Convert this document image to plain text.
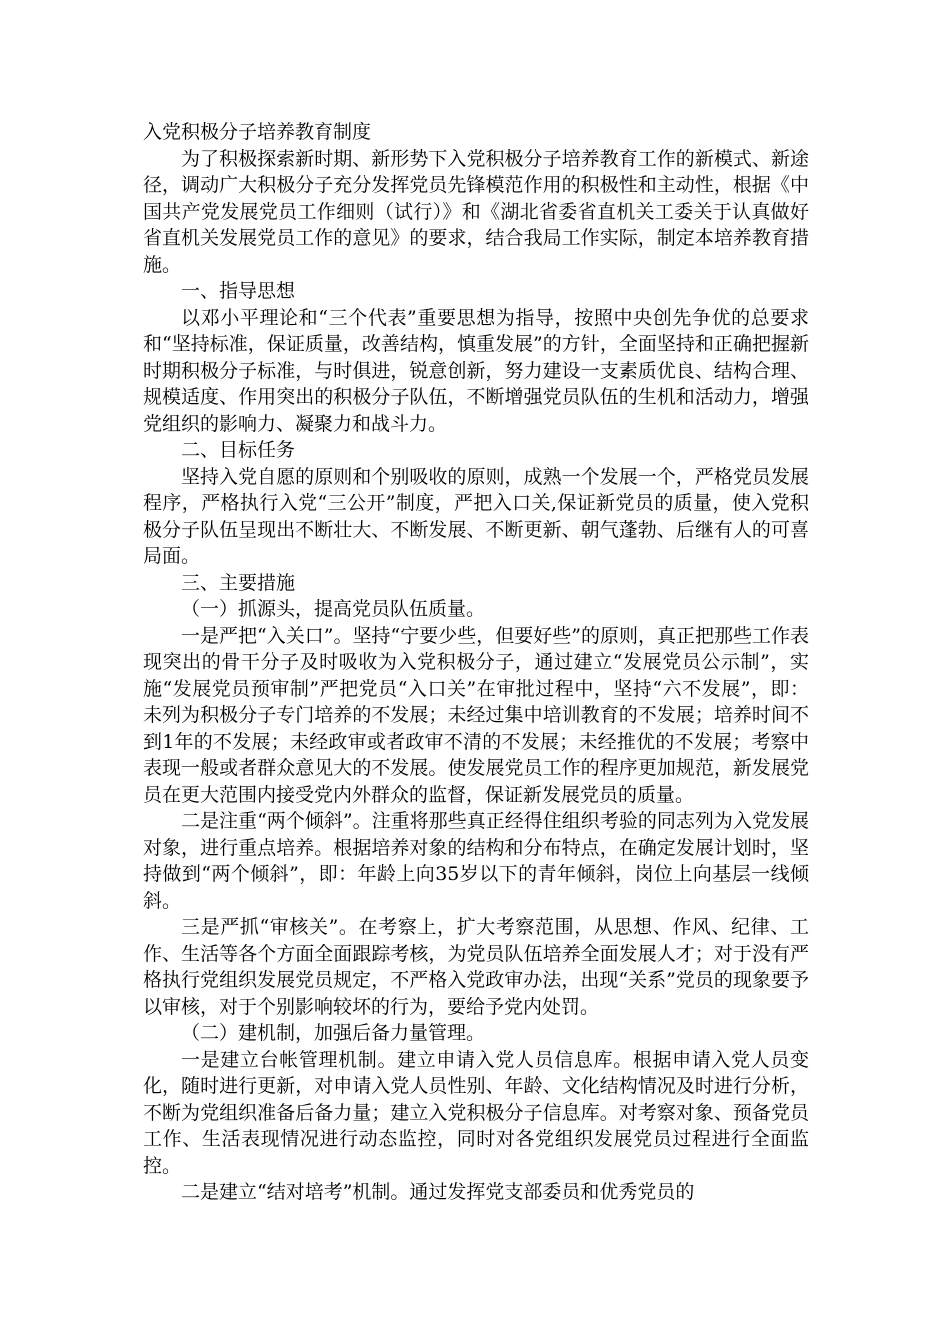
入党积极分子培养教育制度

为了积极探索新时期、新形势下入党积极分子培养教育工作的新模式、新途径，调动广大积极分子充分发挥党员先锋模范作用的积极性和主动性，根据《中国共产党发展党员工作细则（试行）》和《湖北省委省直机关工委关于认真做好省直机关发展党员工作的意见》的要求，结合我局工作实际，制定本培养教育措施。

一、指导思想

以邓小平理论和“三个代表”重要思想为指导，按照中央创先争优的总要求和“坚持标准，保证质量，改善结构，慎重发展”的方针，全面坚持和正确把握新时期积极分子标准，与时俱进，锐意创新，努力建设一支素质优良、结构合理、规模适度、作用突出的积极分子队伍，不断增强党员队伍的生机和活动力，增强党组织的影响力、凝聚力和战斗力。

二、目标任务

坚持入党自愿的原则和个别吸收的原则，成熟一个发展一个，严格党员发展程序，严格执行入党“三公开”制度，严把入口关,保证新党员的质量，使入党积极分子队伍呈现出不断壮大、不断发展、不断更新、朝气蓬勃、后继有人的可喜局面。

三、主要措施

（一）抓源头，提高党员队伍质量。

一是严把“入关口”。坚持“宁要少些，但要好些”的原则，真正把那些工作表现突出的骨干分子及时吸收为入党积极分子，通过建立“发展党员公示制”，实施“发展党员预审制”严把党员“入口关”在审批过程中，坚持“六不发展”，即：未列为积极分子专门培养的不发展；未经过集中培训教育的不发展；培养时间不到1年的不发展；未经政审或者政审不清的不发展；未经推优的不发展；考察中表现一般或者群众意见大的不发展。使发展党员工作的程序更加规范，新发展党员在更大范围内接受党内外群众的监督，保证新发展党员的质量。

二是注重“两个倾斜”。注重将那些真正经得住组织考验的同志列为入党发展对象，进行重点培养。根据培养对象的结构和分布特点，在确定发展计划时，坚持做到“两个倾斜”，即：年龄上向35岁以下的青年倾斜，岗位上向基层一线倾斜。

三是严抓“审核关”。在考察上，扩大考察范围，从思想、作风、纪律、工作、生活等各个方面全面跟踪考核，为党员队伍培养全面发展人才；对于没有严格执行党组织发展党员规定，不严格入党政审办法，出现“关系”党员的现象要予以审核，对于个别影响较坏的行为，要给予党内处罚。

（二）建机制，加强后备力量管理。

一是建立台帐管理机制。建立申请入党人员信息库。根据申请入党人员变化，随时进行更新，对申请入党人员性别、年龄、文化结构情况及时进行分析，不断为党组织准备后备力量；建立入党积极分子信息库。对考察对象、预备党员工作、生活表现情况进行动态监控，同时对各党组织发展党员过程进行全面监控。

二是建立“结对培考”机制。通过发挥党支部委员和优秀党员的
